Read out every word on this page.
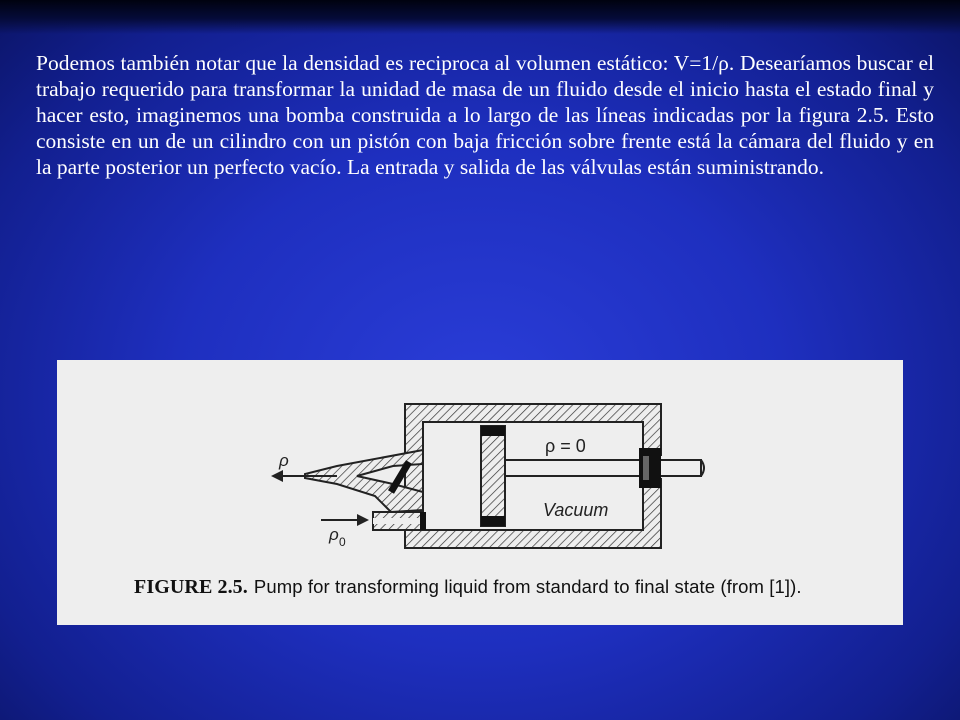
Podemos también notar que la densidad es reciproca al volumen estático: V=1/ρ. Desearíamos buscar el trabajo requerido para transformar la unidad de masa de un fluido desde el inicio hasta el estado final y hacer esto, imaginemos una bomba construida a lo largo de las líneas indicadas por la figura 2.5. Esto consiste en un de un cilindro con un pistón con baja fricción sobre frente está la cámara del fluido y en la parte posterior un perfecto vacío. La entrada y salida de las válvulas están suministrando.

ρ
ρ 0
ρ = 0
Vacuum
FIGURE 2.5. Pump for transforming liquid from standard to final state (from [1]).
